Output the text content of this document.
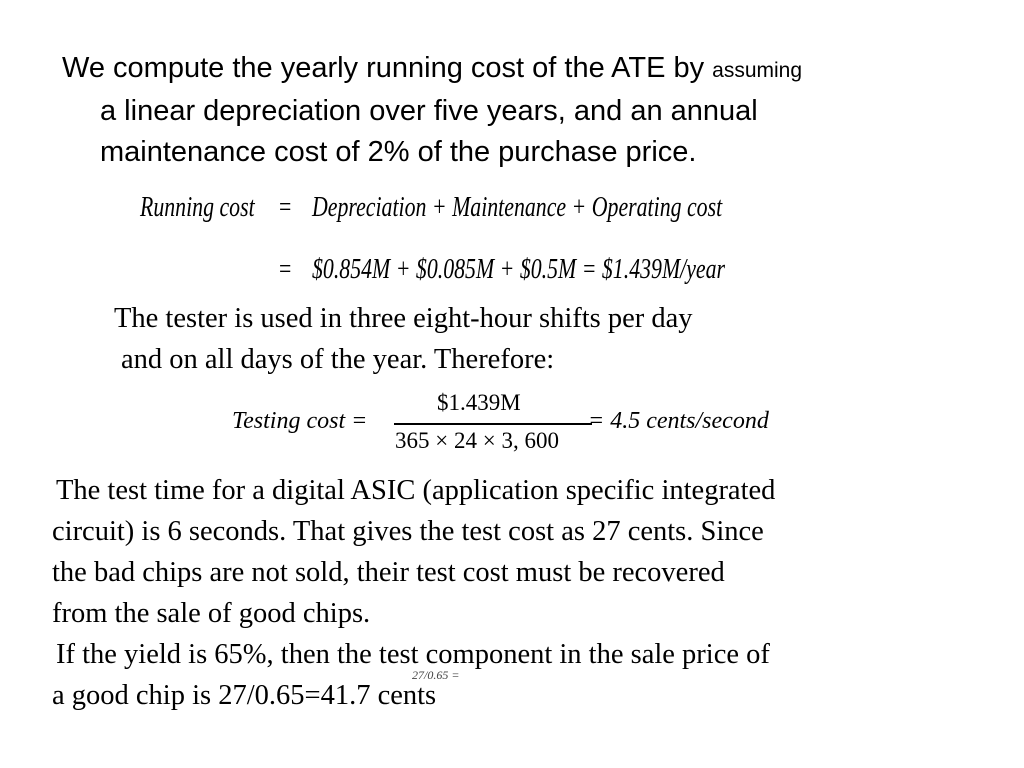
We compute the yearly running cost of the ATE by assuming
a linear depreciation over five years, and an annual
maintenance cost of 2% of the purchase price.
Running cost = Depreciation + Maintenance + Operating cost
= $0.854M + $0.085M + $0.5M = $1.439M/year
The tester is used in three eight-hour shifts per day
and on all days of the year. Therefore:
Testing cost =
$1.439M
365 × 24 × 3, 600
= 4.5 cents/second
The test time for a digital ASIC (application specific integrated
circuit) is 6 seconds. That gives the test cost as 27 cents. Since
the bad chips are not sold, their test cost must be recovered
from the sale of good chips.
If the yield is 65%, then the test component in the sale price of
27/0.65 =
a good chip is 27/0.65=41.7 cents
